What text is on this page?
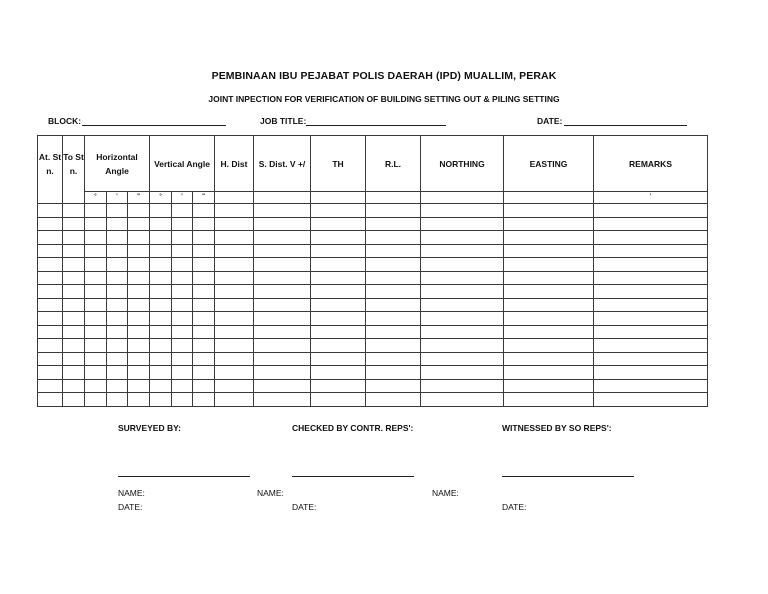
PEMBINAAN IBU PEJABAT POLIS DAERAH (IPD) MUALLIM, PERAK
JOINT INPECTION FOR VERIFICATION OF BUILDING SETTING OUT & PILING SETTING
BLOCK:	JOB TITLE:	DATE:
At. St n.	To St n.	Horizontal Angle			Vertical Angle			H. Dist	S. Dist. V +/	TH	R.L.	NORTHING	EASTING	REMARKS
		°	'	"	°	'	"							'

SURVEYED BY:	CHECKED BY CONTR. REPS':	WITNESSED BY SO REPS':
NAME:	NAME:	NAME:
DATE:	DATE:	DATE:
